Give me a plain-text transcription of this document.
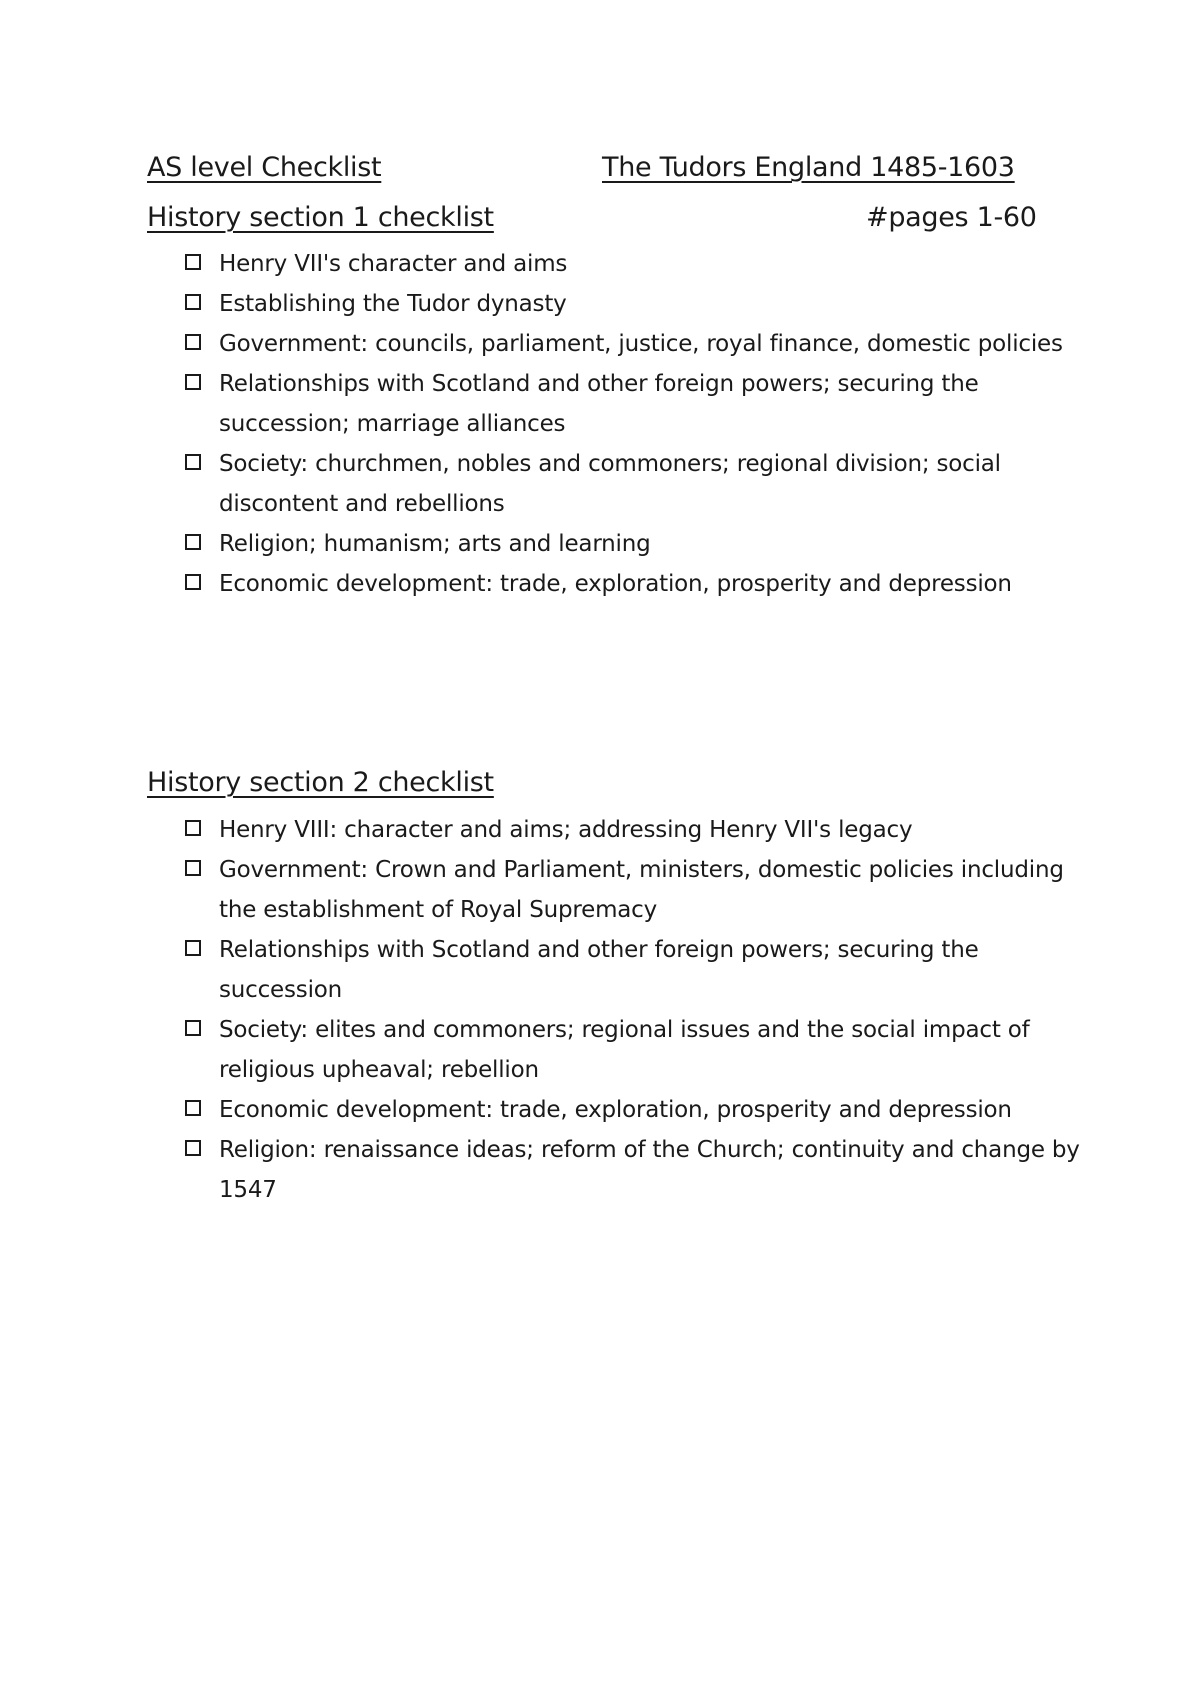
AS level Checklist	The Tudors England 1485-1603
History section 1 checklist	#pages 1-60
Henry VII's character and aims
Establishing the Tudor dynasty
Government: councils, parliament, justice, royal finance, domestic policies
Relationships with Scotland and other foreign powers; securing the succession; marriage alliances
Society: churchmen, nobles and commoners; regional division; social discontent and rebellions
Religion; humanism; arts and learning
Economic development: trade, exploration, prosperity and depression
History section 2 checklist
Henry VIII: character and aims; addressing Henry VII's legacy
Government: Crown and Parliament, ministers, domestic policies including the establishment of Royal Supremacy
Relationships with Scotland and other foreign powers; securing the succession
Society: elites and commoners; regional issues and the social impact of religious upheaval; rebellion
Economic development: trade, exploration, prosperity and depression
Religion: renaissance ideas; reform of the Church; continuity and change by 1547
